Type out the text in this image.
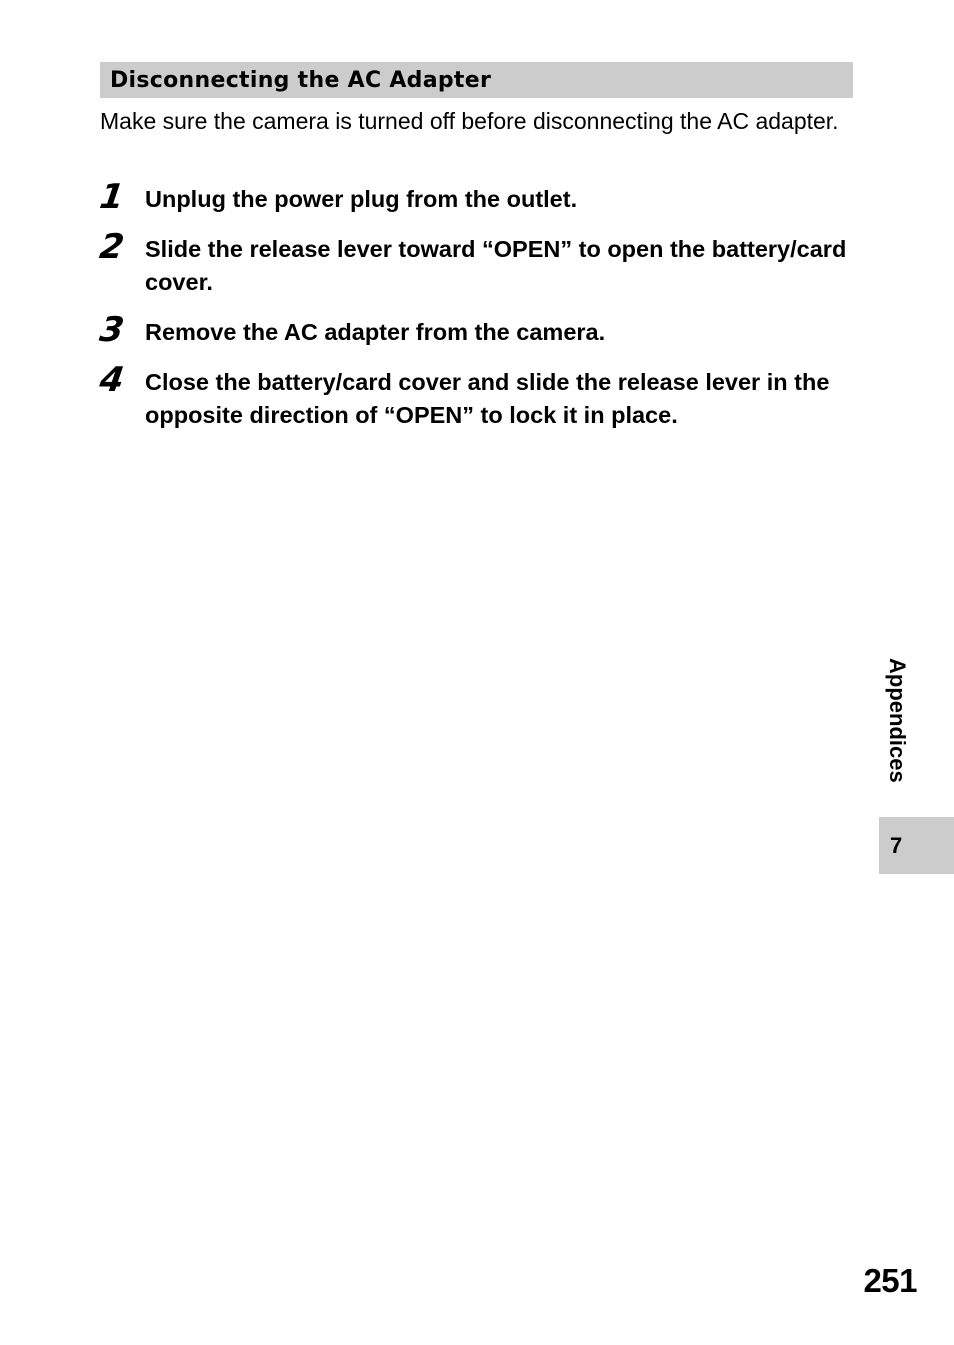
Disconnecting the AC Adapter
Make sure the camera is turned off before disconnecting the AC adapter.
1 Unplug the power plug from the outlet.
2 Slide the release lever toward “OPEN” to open the battery/card cover.
3 Remove the AC adapter from the camera.
4 Close the battery/card cover and slide the release lever in the opposite direction of “OPEN” to lock it in place.
Appendices
7
251
